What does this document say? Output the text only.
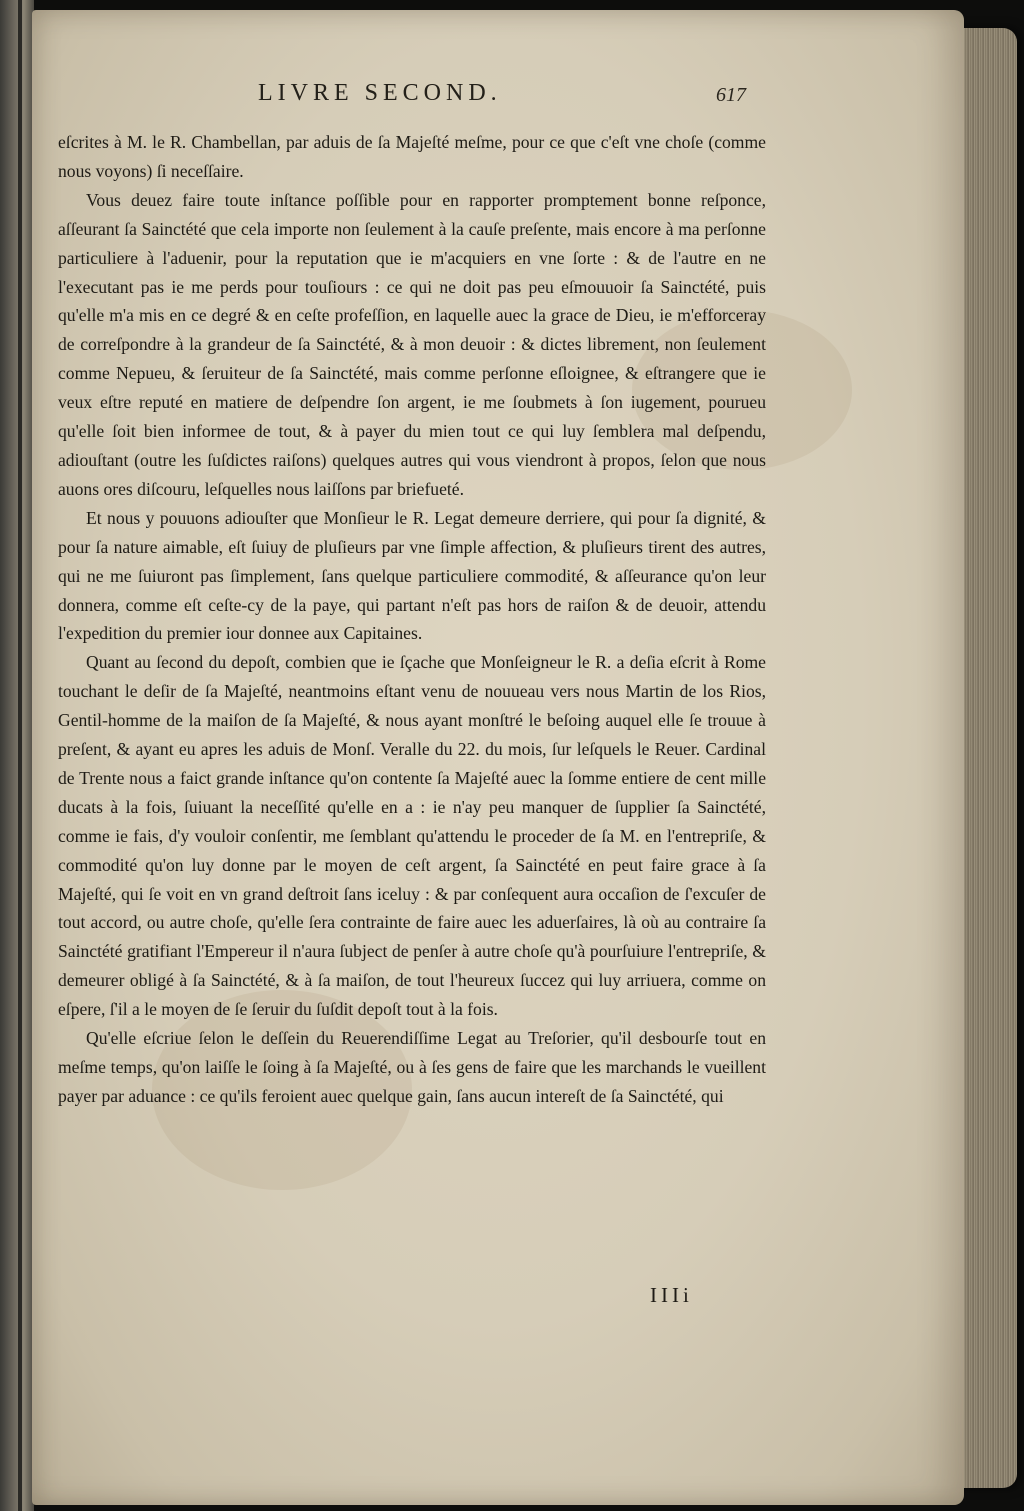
LIVRE SECOND.	617

eſcrites à M. le R. Chambellan, par aduis de ſa Majeſté meſme, pour ce que c'eſt vne choſe (comme nous voyons) ſi neceſſaire.

Vous deuez faire toute inſtance poſſible pour en rapporter promptement bonne reſponce, aſſeurant ſa Sainctété que cela importe non ſeulement à la cauſe preſente, mais encore à ma perſonne particuliere à l'aduenir, pour la reputation que ie m'acquiers en vne ſorte : & de l'autre en ne l'executant pas ie me perds pour touſiours : ce qui ne doit pas peu eſmouuoir ſa Sainctété, puis qu'elle m'a mis en ce degré & en ceſte profeſſion, en laquelle auec la grace de Dieu, ie m'efforceray de correſpondre à la grandeur de ſa Sainctété, & à mon deuoir : & dictes librement, non ſeulement comme Nepueu, & ſeruiteur de ſa Sainctété, mais comme perſonne eſloignee, & eſtrangere que ie veux eſtre reputé en matiere de deſpendre ſon argent, ie me ſoubmets à ſon iugement, pourueu qu'elle ſoit bien informee de tout, & à payer du mien tout ce qui luy ſemblera mal deſpendu, adiouſtant (outre les ſuſdictes raiſons) quelques autres qui vous viendront à propos, ſelon que nous auons ores diſcouru, leſquelles nous laiſſons par briefueté.

Et nous y pouuons adiouſter que Monſieur le R. Legat demeure derriere, qui pour ſa dignité, & pour ſa nature aimable, eſt ſuiuy de pluſieurs par vne ſimple affection, & pluſieurs tirent des autres, qui ne me ſuiuront pas ſimplement, ſans quelque particuliere commodité, & aſſeurance qu'on leur donnera, comme eſt ceſte-cy de la paye, qui partant n'eſt pas hors de raiſon & de deuoir, attendu l'expedition du premier iour donnee aux Capitaines.

Quant au ſecond du depoſt, combien que ie ſçache que Monſeigneur le R. a deſia eſcrit à Rome touchant le deſir de ſa Majeſté, neantmoins eſtant venu de nouueau vers nous Martin de los Rios, Gentil-homme de la maiſon de ſa Majeſté, & nous ayant monſtré le beſoing auquel elle ſe trouue à preſent, & ayant eu apres les aduis de Monſ. Veralle du 22. du mois, ſur leſquels le Reuer. Cardinal de Trente nous a faict grande inſtance qu'on contente ſa Majeſté auec la ſomme entiere de cent mille ducats à la fois, ſuiuant la neceſſité qu'elle en a : ie n'ay peu manquer de ſupplier ſa Sainctété, comme ie fais, d'y vouloir conſentir, me ſemblant qu'attendu le proceder de ſa M. en l'entrepriſe, & commodité qu'on luy donne par le moyen de ceſt argent, ſa Sainctété en peut faire grace à ſa Majeſté, qui ſe voit en vn grand deſtroit ſans iceluy : & par conſequent aura occaſion de ſ'excuſer de tout accord, ou autre choſe, qu'elle ſera contrainte de faire auec les aduerſaires, là où au contraire ſa Sainctété gratifiant l'Empereur il n'aura ſubject de penſer à autre choſe qu'à pourſuiure l'entrepriſe, & demeurer obligé à ſa Sainctété, & à ſa maiſon, de tout l'heureux ſuccez qui luy arriuera, comme on eſpere, ſ'il a le moyen de ſe ſeruir du ſuſdit depoſt tout à la fois.

Qu'elle eſcriue ſelon le deſſein du Reuerendiſſime Legat au Treſorier, qu'il desbourſe tout en meſme temps, qu'on laiſſe le ſoing à ſa Majeſté, ou à ſes gens de faire que les marchands le vueillent payer par aduance : ce qu'ils feroient auec quelque gain, ſans aucun intereſt de ſa Sainctété, qui

IIIi
